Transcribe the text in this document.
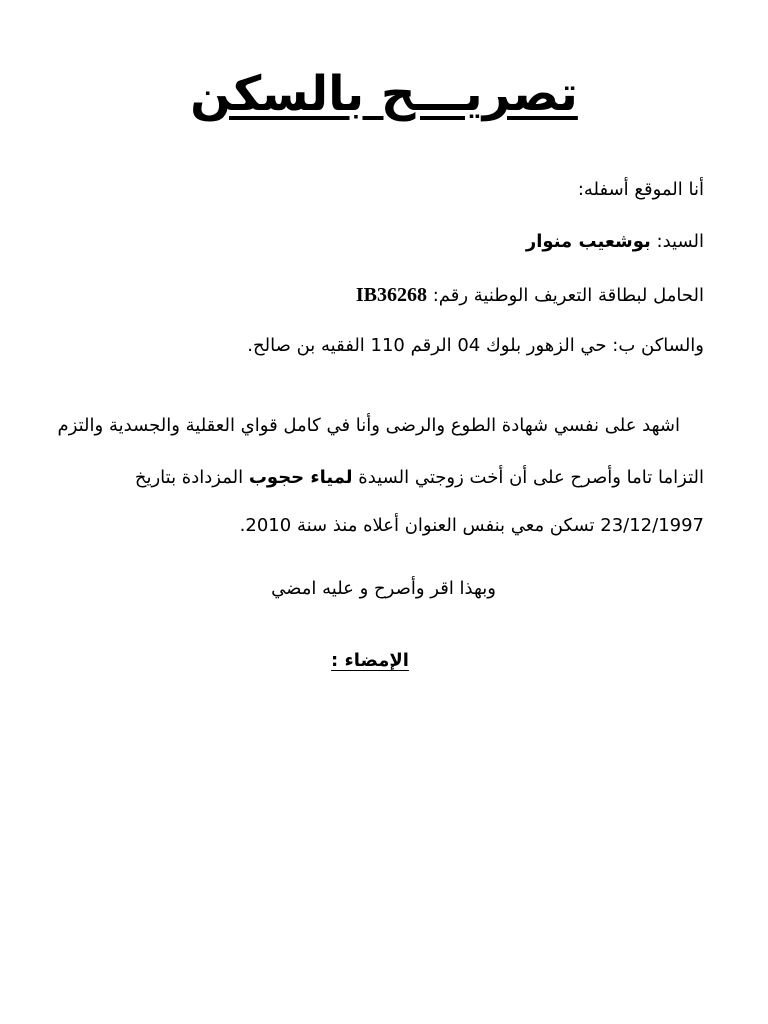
تصريـــح بالسكن
أنا الموقع أسفله:
السيد: بوشعيب منوار
الحامل لبطاقة التعريف الوطنية رقم: IB36268
والساكن ب: حي الزهور بلوك 04 الرقم 110 الفقيه بن صالح.
اشهد على نفسي شهادة الطوع والرضى وأنا في كامل قواي العقلية والجسدية والتزم
التزاما تاما وأصرح على أن أخت زوجتي السيدة لمياء حجوب المزدادة بتاريخ
23/12/1997 تسكن معي بنفس العنوان أعلاه منذ سنة 2010.
وبهذا اقر وأصرح و عليه امضي
الإمضاء :
